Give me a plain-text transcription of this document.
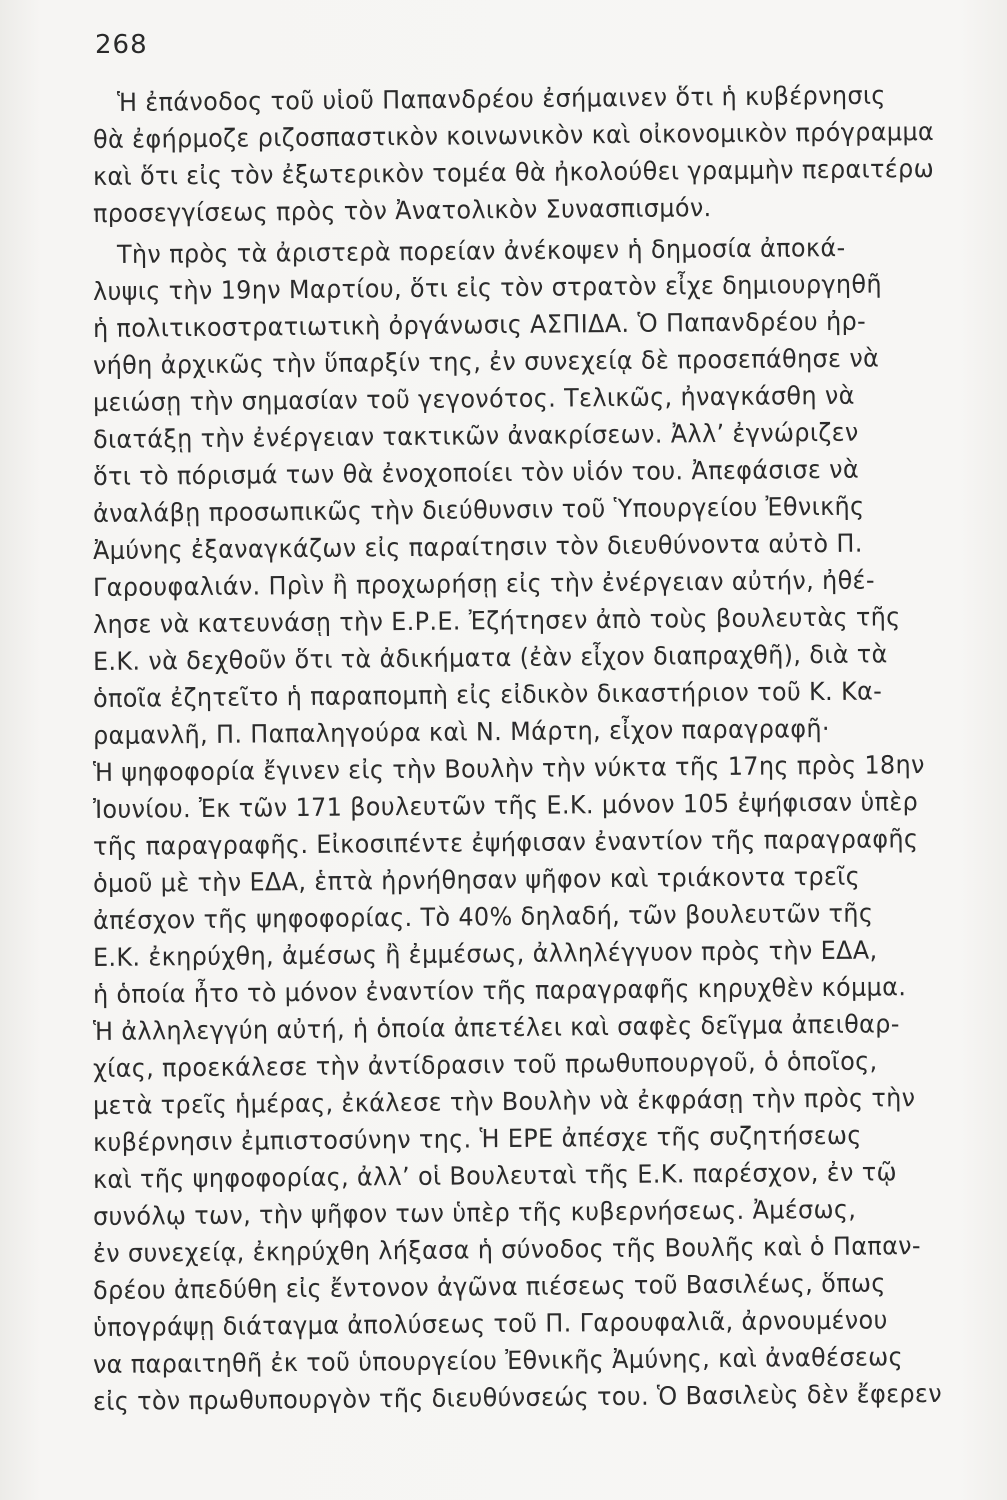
268
Ἡ ἐπάνοδος τοῦ υἱοῦ Παπανδρέου ἐσήμαινεν ὅτι ἡ κυβέρνησις
θὰ ἐφήρμοζε ριζοσπαστικὸν κοινωνικὸν καὶ οἰκονομικὸν πρόγραμμα
καὶ ὅτι εἰς τὸν ἐξωτερικὸν τομέα θὰ ἠκολούθει γραμμὴν περαιτέρω
προσεγγίσεως πρὸς τὸν Ἀνατολικὸν Συνασπισμόν.
Τὴν πρὸς τὰ ἀριστερὰ πορείαν ἀνέκοψεν ἡ δημοσία ἀποκά-
λυψις τὴν 19ην Μαρτίου, ὅτι εἰς τὸν στρατὸν εἶχε δημιουργηθῆ
ἡ πολιτικοστρατιωτικὴ ὀργάνωσις ΑΣΠΙΔΑ. Ὁ Παπανδρέου ἠρ-
νήθη ἀρχικῶς τὴν ὕπαρξίν της, ἐν συνεχείᾳ δὲ προσεπάθησε νὰ
μειώσῃ τὴν σημασίαν τοῦ γεγονότος. Τελικῶς, ἠναγκάσθη νὰ
διατάξῃ τὴν ἐνέργειαν τακτικῶν ἀνακρίσεων. Ἀλλ’ ἐγνώριζεν
ὅτι τὸ πόρισμά των θὰ ἐνοχοποίει τὸν υἱόν του. Ἀπεφάσισε νὰ
ἀναλάβῃ προσωπικῶς τὴν διεύθυνσιν τοῦ Ὑπουργείου Ἐθνικῆς
Ἀμύνης ἐξαναγκάζων εἰς παραίτησιν τὸν διευθύνοντα αὐτὸ Π.
Γαρουφαλιάν. Πρὶν ἢ προχωρήσῃ εἰς τὴν ἐνέργειαν αὐτήν, ἠθέ-
λησε νὰ κατευνάσῃ τὴν Ε.Ρ.Ε. Ἐζήτησεν ἀπὸ τοὺς βουλευτὰς τῆς
Ε.Κ. νὰ δεχθοῦν ὅτι τὰ ἀδικήματα (ἐὰν εἶχον διαπραχθῆ), διὰ τὰ
ὁποῖα ἐζητεῖτο ἡ παραπομπὴ εἰς εἰδικὸν δικαστήριον τοῦ Κ. Κα-
ραμανλῆ, Π. Παπαληγούρα καὶ Ν. Μάρτη, εἶχον παραγραφῆ·
Ἡ ψηφοφορία ἔγινεν εἰς τὴν Βουλὴν τὴν νύκτα τῆς 17ης πρὸς 18ην
Ἰουνίου. Ἐκ τῶν 171 βουλευτῶν τῆς Ε.Κ. μόνον 105 ἐψήφισαν ὑπὲρ
τῆς παραγραφῆς. Εἰκοσιπέντε ἐψήφισαν ἐναντίον τῆς παραγραφῆς
ὁμοῦ μὲ τὴν ΕΔΑ, ἑπτὰ ἠρνήθησαν ψῆφον καὶ τριάκοντα τρεῖς
ἀπέσχον τῆς ψηφοφορίας. Τὸ 40% δηλαδή, τῶν βουλευτῶν τῆς
Ε.Κ. ἐκηρύχθη, ἀμέσως ἢ ἐμμέσως, ἀλληλέγγυον πρὸς τὴν ΕΔΑ,
ἡ ὁποία ἦτο τὸ μόνον ἐναντίον τῆς παραγραφῆς κηρυχθὲν κόμμα.
Ἡ ἀλληλεγγύη αὐτή, ἡ ὁποία ἀπετέλει καὶ σαφὲς δεῖγμα ἀπειθαρ-
χίας, προεκάλεσε τὴν ἀντίδρασιν τοῦ πρωθυπουργοῦ, ὁ ὁποῖος,
μετὰ τρεῖς ἡμέρας, ἐκάλεσε τὴν Βουλὴν νὰ ἐκφράσῃ τὴν πρὸς τὴν
κυβέρνησιν ἐμπιστοσύνην της. Ἡ ΕΡΕ ἀπέσχε τῆς συζητήσεως
καὶ τῆς ψηφοφορίας, ἀλλ’ οἱ Βουλευταὶ τῆς Ε.Κ. παρέσχον, ἐν τῷ
συνόλῳ των, τὴν ψῆφον των ὑπὲρ τῆς κυβερνήσεως. Ἀμέσως,
ἐν συνεχείᾳ, ἐκηρύχθη λήξασα ἡ σύνοδος τῆς Βουλῆς καὶ ὁ Παπαν-
δρέου ἀπεδύθη εἰς ἔντονον ἀγῶνα πιέσεως τοῦ Βασιλέως, ὅπως
ὑπογράψῃ διάταγμα ἀπολύσεως τοῦ Π. Γαρουφαλιᾶ, ἀρνουμένου
να παραιτηθῆ ἐκ τοῦ ὑπουργείου Ἐθνικῆς Ἀμύνης, καὶ ἀναθέσεως
εἰς τὸν πρωθυπουργὸν τῆς διευθύνσεώς του. Ὁ Βασιλεὺς δὲν ἔφερεν
